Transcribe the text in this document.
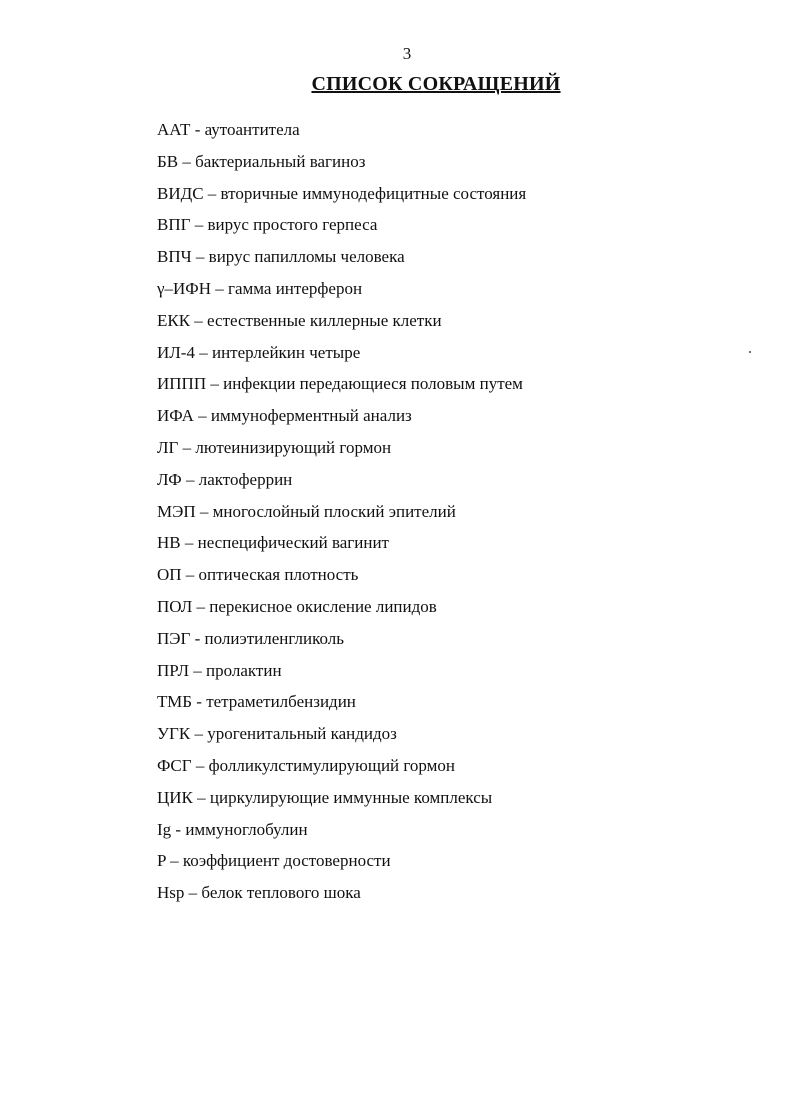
3
СПИСОК СОКРАЩЕНИЙ
ААТ - аутоантитела
БВ – бактериальный вагиноз
ВИДС – вторичные иммунодефицитные состояния
ВПГ – вирус простого герпеса
ВПЧ – вирус папилломы человека
γ–ИФН – гамма интерферон
ЕКК – естественные киллерные клетки
ИЛ-4 – интерлейкин четыре
ИППП – инфекции передающиеся половым путем
ИФА – иммуноферментный анализ
ЛГ – лютеинизирующий гормон
ЛФ – лактоферрин
МЭП – многослойный плоский эпителий
НВ – неспецифический вагинит
ОП – оптическая плотность
ПОЛ – перекисное окисление липидов
ПЭГ - полиэтиленгликоль
ПРЛ – пролактин
ТМБ - тетраметилбензидин
УГК – урогенитальный кандидоз
ФСГ – фолликулстимулирующий гормон
ЦИК – циркулирующие иммунные комплексы
Ig - иммуноглобулин
P – коэффициент достоверности
Hsp – белок теплового шока
